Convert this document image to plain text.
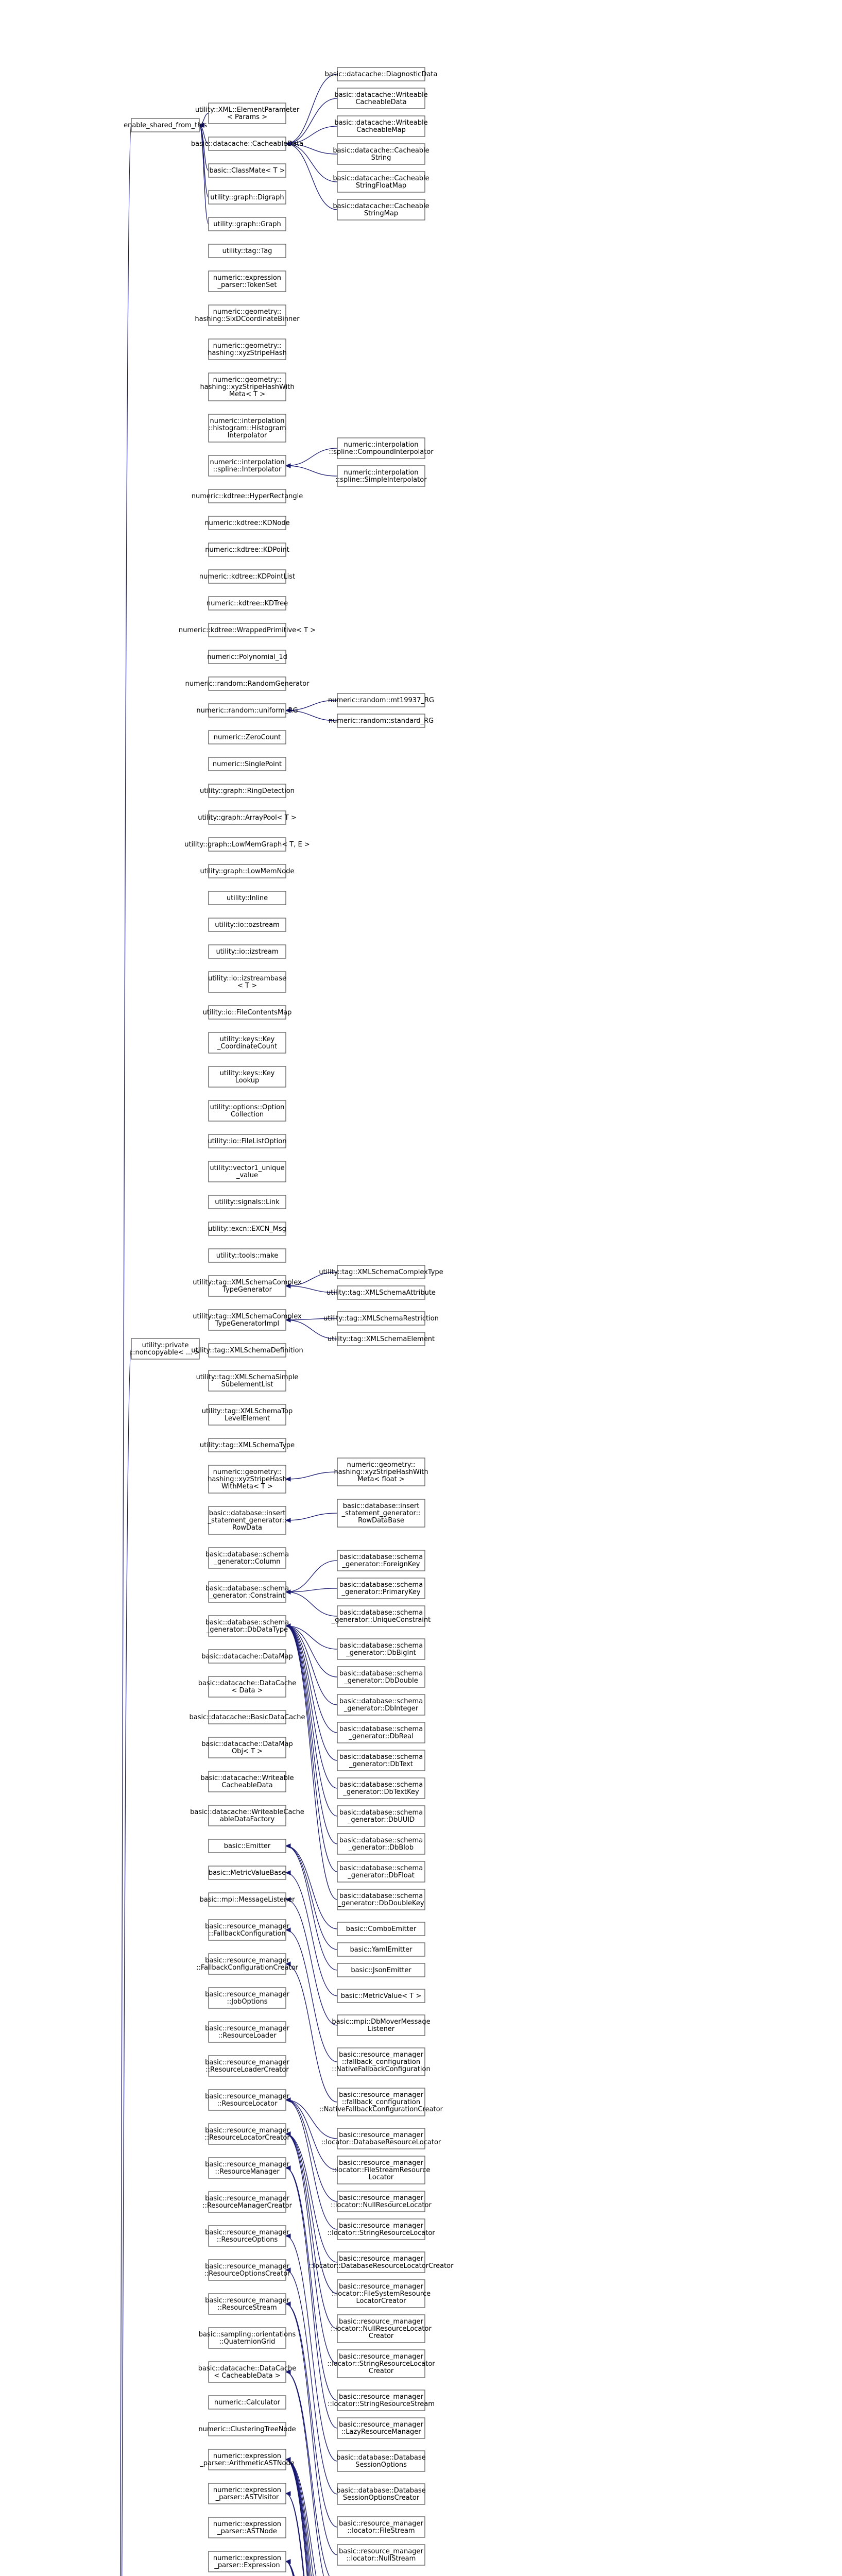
enable_shared_from_this
utility::private
::noncopyable< ... >
utility::XML::ElementParameter
< Params >
basic::datacache::CacheableData
basic::ClassMate< T >
utility::graph::Digraph
utility::graph::Graph
utility::tag::Tag
numeric::expression
_parser::TokenSet
numeric::geometry::
hashing::SixDCoordinateBinner
numeric::geometry::
hashing::xyzStripeHash
numeric::geometry::
hashing::xyzStripeHashWith
Meta< T >
numeric::interpolation
::histogram::Histogram
Interpolator
numeric::interpolation
::spline::Interpolator
numeric::kdtree::HyperRectangle
numeric::kdtree::KDNode
numeric::kdtree::KDPoint
numeric::kdtree::KDPointList
numeric::kdtree::KDTree
numeric::kdtree::WrappedPrimitive< T >
numeric::Polynomial_1d
numeric::random::RandomGenerator
numeric::random::uniform_RG
numeric::ZeroCount
numeric::SinglePoint
utility::graph::RingDetection
utility::graph::ArrayPool< T >
utility::graph::LowMemGraph< T, E >
utility::graph::LowMemNode
utility::Inline
utility::io::ozstream
utility::io::izstream
utility::io::izstreambase
< T >
utility::io::FileContentsMap
utility::keys::Key
_CoordinateCount
utility::keys::Key
Lookup
utility::options::Option
Collection
utility::io::FileListOption
utility::vector1_unique
_value
utility::signals::Link
utility::excn::EXCN_Msg
utility::tools::make
utility::tag::XMLSchemaComplex
TypeGenerator
utility::tag::XMLSchemaComplex
TypeGeneratorImpl
utility::tag::XMLSchemaDefinition
utility::tag::XMLSchemaSimple
SubelementList
utility::tag::XMLSchemaTop
LevelElement
utility::tag::XMLSchemaType
numeric::geometry::
hashing::xyzStripeHash
WithMeta< T >
basic::database::insert
_statement_generator::
RowData
basic::database::schema
_generator::Column
basic::database::schema
_generator::Constraint
basic::database::schema
_generator::DbDataType
basic::datacache::DataMap
basic::datacache::DataCache
< Data >
basic::datacache::BasicDataCache
basic::datacache::DataMap
Obj< T >
basic::datacache::Writeable
CacheableData
basic::datacache::WriteableCache
ableDataFactory
basic::Emitter
basic::MetricValueBase
basic::mpi::MessageListener
basic::resource_manager
::FallbackConfiguration
basic::resource_manager
::FallbackConfigurationCreator
basic::resource_manager
::JobOptions
basic::resource_manager
::ResourceLoader
basic::resource_manager
::ResourceLoaderCreator
basic::resource_manager
::ResourceLocator
basic::resource_manager
::ResourceLocatorCreator
basic::resource_manager
::ResourceManager
basic::resource_manager
::ResourceManagerCreator
basic::resource_manager
::ResourceOptions
basic::resource_manager
::ResourceOptionsCreator
basic::resource_manager
::ResourceStream
basic::sampling::orientations
::QuaternionGrid
basic::datacache::DataCache
< CacheableData >
numeric::Calculator
numeric::ClusteringTreeNode
numeric::expression
_parser::ArithmeticASTNode
numeric::expression
_parser::ASTVisitor
numeric::expression
_parser::ASTNode
numeric::expression
_parser::Expression
basic::datacache::DiagnosticData
basic::datacache::Writeable
CacheableData
basic::datacache::Writeable
CacheableMap
basic::datacache::Cacheable
String
basic::datacache::Cacheable
StringFloatMap
basic::datacache::Cacheable
StringMap
numeric::interpolation
::spline::CompoundInterpolator
numeric::interpolation
::spline::SimpleInterpolator
numeric::random::mt19937_RG
numeric::random::standard_RG
utility::tag::XMLSchemaComplexType
utility::tag::XMLSchemaAttribute
utility::tag::XMLSchemaRestriction
utility::tag::XMLSchemaElement
numeric::geometry::
hashing::xyzStripeHashWith
Meta< float >
basic::database::insert
_statement_generator::
RowDataBase
basic::database::schema
_generator::ForeignKey
basic::database::schema
_generator::PrimaryKey
basic::database::schema
_generator::UniqueConstraint
basic::database::schema
_generator::DbBigInt
basic::database::schema
_generator::DbDouble
basic::database::schema
_generator::DbInteger
basic::database::schema
_generator::DbReal
basic::database::schema
_generator::DbText
basic::database::schema
_generator::DbTextKey
basic::database::schema
_generator::DbUUID
basic::database::schema
_generator::DbBlob
basic::database::schema
_generator::DbFloat
basic::database::schema
_generator::DbDoubleKey
basic::ComboEmitter
basic::YamlEmitter
basic::JsonEmitter
basic::MetricValue< T >
basic::mpi::DbMoverMessage
Listener
basic::resource_manager
::fallback_configuration
::NativeFallbackConfiguration
basic::resource_manager
::fallback_configuration
::NativeFallbackConfigurationCreator
basic::resource_manager
::locator::DatabaseResourceLocator
basic::resource_manager
::locator::FileStreamResource
Locator
basic::resource_manager
::locator::NullResourceLocator
basic::resource_manager
::locator::StringResourceLocator
basic::resource_manager
::locator::DatabaseResourceLocatorCreator
basic::resource_manager
::locator::FileSystemResource
LocatorCreator
basic::resource_manager
::locator::NullResourceLocator
Creator
basic::resource_manager
::locator::StringResourceLocator
Creator
basic::resource_manager
::locator::StringResourceStream
basic::resource_manager
::LazyResourceManager
basic::database::Database
SessionOptions
basic::database::Database
SessionOptionsCreator
basic::resource_manager
::locator::FileStream
basic::resource_manager
::locator::NullStream
